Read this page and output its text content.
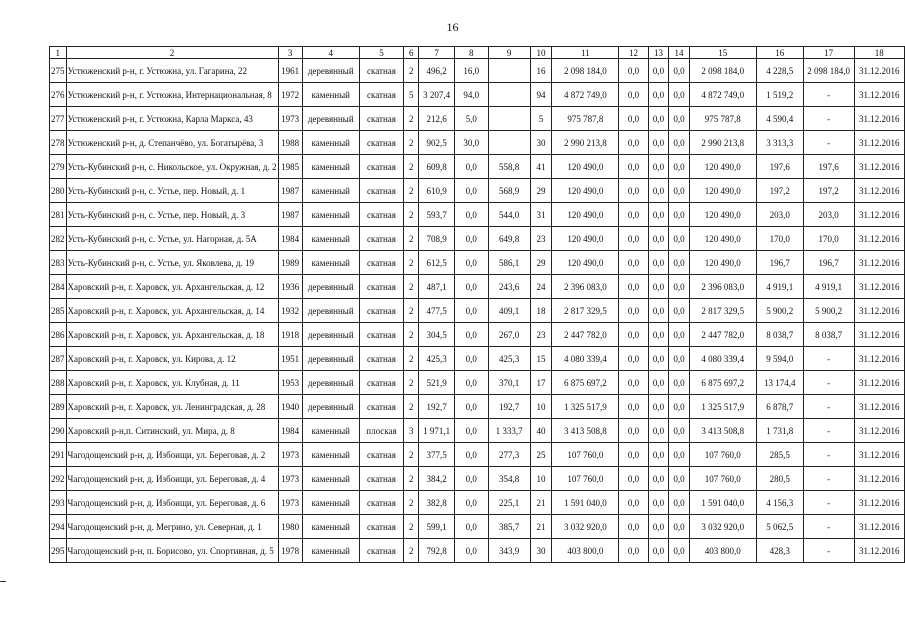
16
1	2	3	4	5	6	7	8	9	10	11	12	13	14	15	16	17	18
275	Устюженский р-н, г. Устюжна, ул. Гагарина, 22	1961	деревянный	скатная	2	496,2	16,0		16	2 098 184,0	0,0	0,0	0,0	2 098 184,0	4 228,5	2 098 184,0	31.12.2016
276	Устюженский р-н, г. Устюжна, Интернациональная, 8	1972	каменный	скатная	5	3 207,4	94,0		94	4 872 749,0	0,0	0,0	0,0	4 872 749,0	1 519,2	-	31.12.2016
277	Устюженский р-н, г. Устюжна, Карла Маркса, 43	1973	деревянный	скатная	2	212,6	5,0		5	975 787,8	0,0	0,0	0,0	975 787,8	4 590,4	-	31.12.2016
278	Устюженский р-н, д. Степанчёво, ул. Богатырёва, 3	1988	каменный	скатная	2	902,5	30,0		30	2 990 213,8	0,0	0,0	0,0	2 990 213,8	3 313,3	-	31.12.2016
279	Усть-Кубинский р-н, с. Никольское, ул. Окружная, д. 2	1985	каменный	скатная	2	609,8	0,0	558,8	41	120 490,0	0,0	0,0	0,0	120 490,0	197,6	197,6	31.12.2016
280	Усть-Кубинский р-н, с. Устье, пер. Новый, д. 1	1987	каменный	скатная	2	610,9	0,0	568,9	29	120 490,0	0,0	0,0	0,0	120 490,0	197,2	197,2	31.12.2016
281	Усть-Кубинский р-н, с. Устье, пер. Новый, д. 3	1987	каменный	скатная	2	593,7	0,0	544,0	31	120 490,0	0,0	0,0	0,0	120 490,0	203,0	203,0	31.12.2016
282	Усть-Кубинский р-н, с. Устье, ул. Нагорная, д. 5А	1984	каменный	скатная	2	708,9	0,0	649,8	23	120 490,0	0,0	0,0	0,0	120 490,0	170,0	170,0	31.12.2016
283	Усть-Кубинский р-н, с. Устье, ул. Яковлева, д. 19	1989	каменный	скатная	2	612,5	0,0	586,1	29	120 490,0	0,0	0,0	0,0	120 490,0	196,7	196,7	31.12.2016
284	Харовский р-н, г. Харовск, ул. Архангельская, д. 12	1936	деревянный	скатная	2	487,1	0,0	243,6	24	2 396 083,0	0,0	0,0	0,0	2 396 083,0	4 919,1	4 919,1	31.12.2016
285	Харовский р-н, г. Харовск, ул. Архангельская, д. 14	1932	деревянный	скатная	2	477,5	0,0	409,1	18	2 817 329,5	0,0	0,0	0,0	2 817 329,5	5 900,2	5 900,2	31.12.2016
286	Харовский р-н, г. Харовск, ул. Архангельская, д. 18	1918	деревянный	скатная	2	304,5	0,0	267,0	23	2 447 782,0	0,0	0,0	0,0	2 447 782,0	8 038,7	8 038,7	31.12.2016
287	Харовский р-н, г. Харовск, ул. Кирова, д. 12	1951	деревянный	скатная	2	425,3	0,0	425,3	15	4 080 339,4	0,0	0,0	0,0	4 080 339,4	9 594,0	-	31.12.2016
288	Харовский р-н, г. Харовск, ул. Клубная, д. 11	1953	деревянный	скатная	2	521,9	0,0	370,1	17	6 875 697,2	0,0	0,0	0,0	6 875 697,2	13 174,4	-	31.12.2016
289	Харовский р-н, г. Харовск, ул. Ленинградская, д. 28	1940	деревянный	скатная	2	192,7	0,0	192,7	10	1 325 517,9	0,0	0,0	0,0	1 325 517,9	6 878,7	-	31.12.2016
290	Харовский р-н,п. Ситинский, ул. Мира, д. 8	1984	каменный	плоская	3	1 971,1	0,0	1 333,7	40	3 413 508,8	0,0	0,0	0,0	3 413 508,8	1 731,8	-	31.12.2016
291	Чагодощенский р-н, д. Избоищи, ул. Береговая, д. 2	1973	каменный	скатная	2	377,5	0,0	277,3	25	107 760,0	0,0	0,0	0,0	107 760,0	285,5	-	31.12.2016
292	Чагодощенский р-н, д. Избоищи, ул. Береговая, д. 4	1973	каменный	скатная	2	384,2	0,0	354,8	10	107 760,0	0,0	0,0	0,0	107 760,0	280,5	-	31.12.2016
293	Чагодощенский р-н, д. Избоищи, ул. Береговая, д. 6	1973	каменный	скатная	2	382,8	0,0	225,1	21	1 591 040,0	0,0	0,0	0,0	1 591 040,0	4 156,3	-	31.12.2016
294	Чагодощенский р-н, д. Мегрино, ул. Северная, д. 1	1980	каменный	скатная	2	599,1	0,0	385,7	21	3 032 920,0	0,0	0,0	0,0	3 032 920,0	5 062,5	-	31.12.2016
295	Чагодощенский р-н, п. Борисово, ул. Спортивная, д. 5	1978	каменный	скатная	2	792,8	0,0	343,9	30	403 800,0	0,0	0,0	0,0	403 800,0	428,3	-	31.12.2016
